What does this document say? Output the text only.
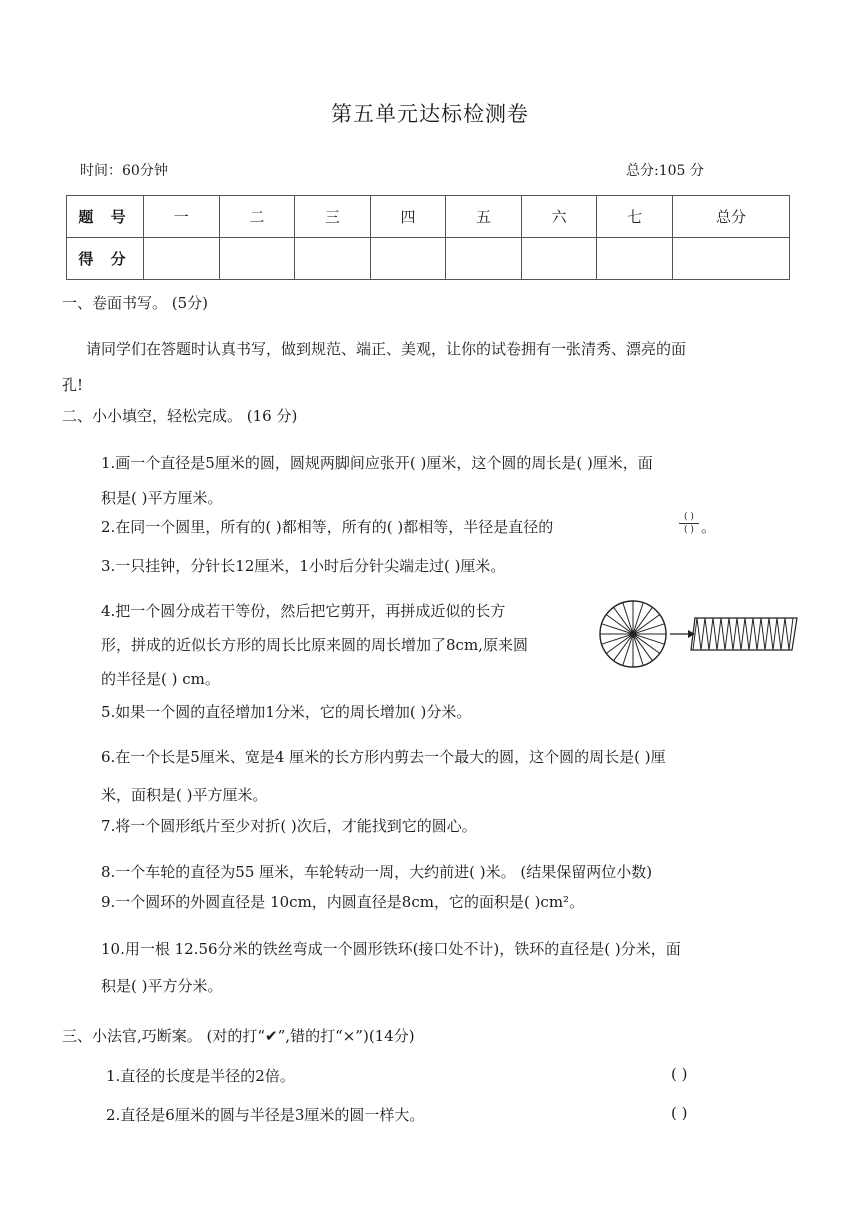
第五单元达标检测卷
时间：60分钟	总分:105 分
题 号	一	二	三	四	五	六	七	总分
得 分								
一、卷面书写。 (5分)
请同学们在答题时认真书写，做到规范、端正、美观，让你的试卷拥有一张清秀、漂亮的面
孔!
二、小小填空，轻松完成。 (16 分)
1.画一个直径是5厘米的圆，圆规两脚间应张开( )厘米，这个圆的周长是( )厘米，面
积是( )平方厘米。
2.在同一个圆里，所有的( )都相等，所有的( )都相等，半径是直径的
( )
( ) 。
3.一只挂钟，分针长12厘米，1小时后分针尖端走过( )厘米。
4.把一个圆分成若干等份，然后把它剪开，再拼成近似的长方
形，拼成的近似长方形的周长比原来圆的周长增加了8cm,原来圆
的半径是( ) cm。
5.如果一个圆的直径增加1分米，它的周长增加( )分米。
6.在一个长是5厘米、宽是4 厘米的长方形内剪去一个最大的圆，这个圆的周长是( )厘
米，面积是( )平方厘米。
7.将一个圆形纸片至少对折( )次后，才能找到它的圆心。
8.一个车轮的直径为55 厘米，车轮转动一周，大约前进( )米。 (结果保留两位小数)
9.一个圆环的外圆直径是 10cm，内圆直径是8cm，它的面积是( )cm²。
10.用一根 12.56分米的铁丝弯成一个圆形铁环(接口处不计)，铁环的直径是( )分米，面
积是( )平方分米。
三、小法官,巧断案。 (对的打“✔”,错的打“×”)(14分)
1.直径的长度是半径的2倍。	( )
2.直径是6厘米的圆与半径是3厘米的圆一样大。	( )
